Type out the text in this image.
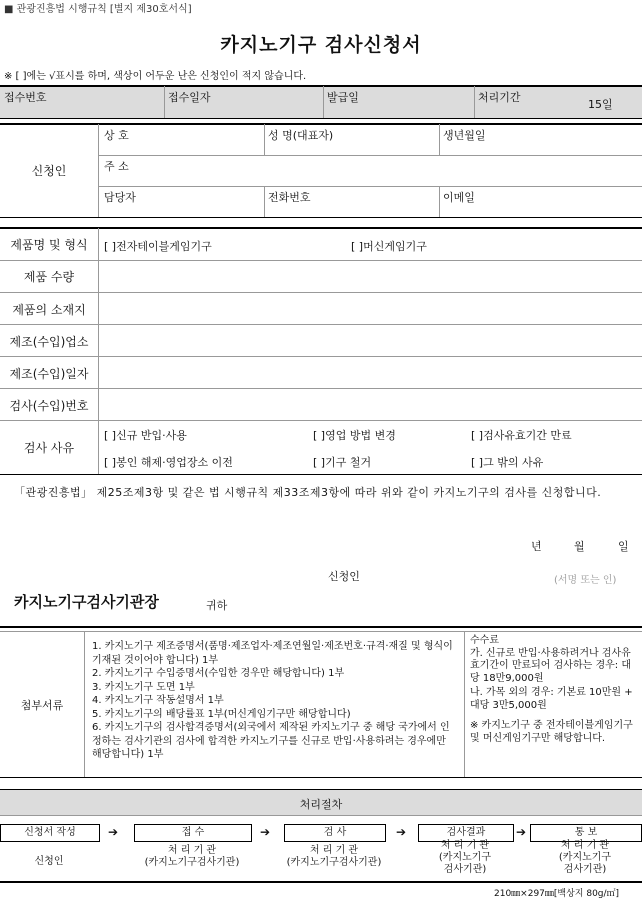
■ 관광진흥법 시행규칙 [별지 제30호서식]
카지노기구 검사신청서
※ [ ]에는 √표시를 하며, 색상이 어두운 난은 신청인이 적지 않습니다.
접수번호	접수일자	발급일	처리기간
15일
신청인
상 호	성 명(대표자)	생년월일
주 소
담당자	전화번호	이메일
제품명 및 형식	[ ]전자테이블게임기구	[ ]머신게임기구
제품 수량
제품의 소재지
제조(수입)업소
제조(수입)일자
검사(수입)번호
검사 사유
[ ]신규 반입·사용	[ ]영업 방법 변경	[ ]검사유효기간 만료
[ ]봉인 해제·영업장소 이전	[ ]기구 철거	[ ]그 밖의 사유
「관광진흥법」 제25조제3항 및 같은 법 시행규칙 제33조제3항에 따라 위와 같이 카지노기구의 검사를 신청합니다.
년	월	일
신청인	(서명 또는 인)
카지노기구검사기관장	귀하
첨부서류
1. 카지노기구 제조증명서(품명·제조업자·제조연월일·제조번호·규격·재질 및 형식이 기재된 것이어야 합니다) 1부
2. 카지노기구 수입증명서(수입한 경우만 해당합니다) 1부
3. 카지노기구 도면 1부
4. 카지노기구 작동설명서 1부
5. 카지노기구의 배당률표 1부(머신게임기구만 해당합니다)
6. 카지노기구의 검사합격증명서(외국에서 제작된 카지노기구 중 해당 국가에서 인정하는 검사기관의 검사에 합격한 카지노기구를 신규로 반입·사용하려는 경우에만 해당합니다) 1부
수수료
가. 신규로 반입·사용하려거나 검사유효기간이 만료되어 검사하는 경우: 대당 18만9,000원
나. 가목 외의 경우: 기본료 10만원 + 대당 3만5,000원
※ 카지노기구 중 전자테이블게임기구 및 머신게임기구만 해당합니다.
처리절차
신청서 작성	➔	접 수	➔	검 사	➔	검사결과	➔	통 보
신청인
처 리 기 관
(카지노기구검사기관)
처 리 기 관
(카지노기구검사기관)
처 리 기 관
(카지노기구
검사기관)
처 리 기 관
(카지노기구
검사기관)
210㎜×297㎜[백상지 80g/㎡]
